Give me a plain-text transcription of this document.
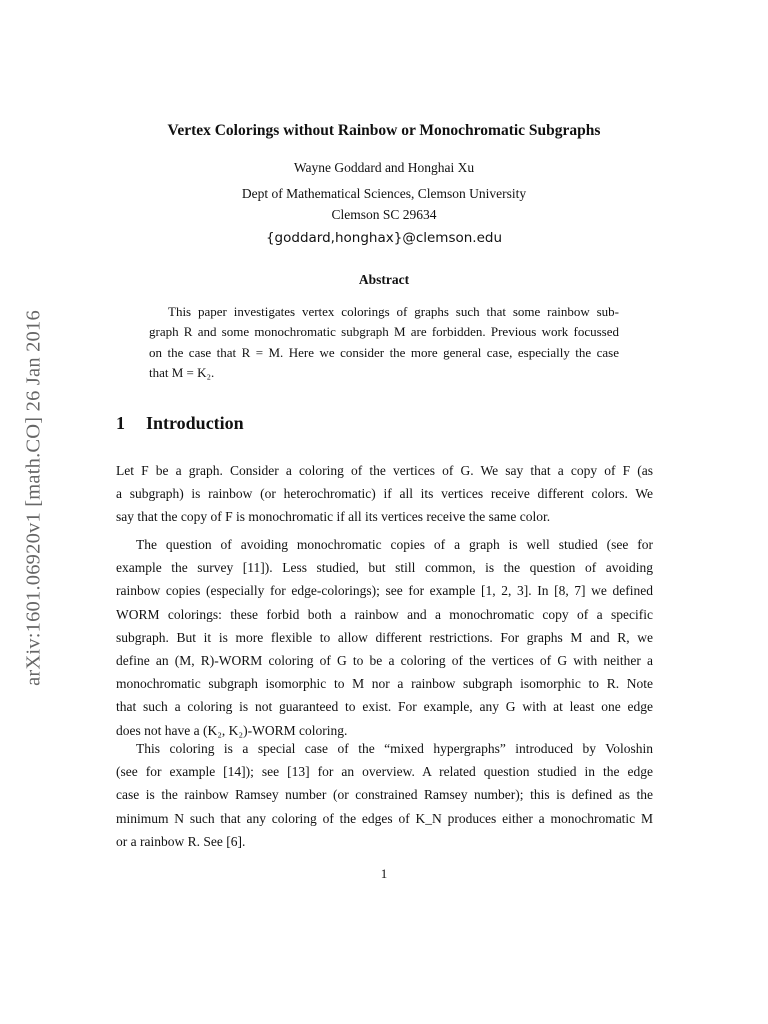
arXiv:1601.06920v1 [math.CO] 26 Jan 2016
Vertex Colorings without Rainbow or Monochromatic Subgraphs
Wayne Goddard and Honghai Xu
Dept of Mathematical Sciences, Clemson University
Clemson SC 29634
{goddard,honghax}@clemson.edu
Abstract
This paper investigates vertex colorings of graphs such that some rainbow sub-
graph R and some monochromatic subgraph M are forbidden. Previous work focussed
on the case that R = M. Here we consider the more general case, especially the case
that M = K₂.
1 Introduction
Let F be a graph. Consider a coloring of the vertices of G. We say that a copy of F (as
a subgraph) is rainbow (or heterochromatic) if all its vertices receive different colors. We
say that the copy of F is monochromatic if all its vertices receive the same color.
The question of avoiding monochromatic copies of a graph is well studied (see for
example the survey [11]). Less studied, but still common, is the question of avoiding
rainbow copies (especially for edge-colorings); see for example [1, 2, 3]. In [8, 7] we defined
WORM colorings: these forbid both a rainbow and a monochromatic copy of a specific
subgraph. But it is more flexible to allow different restrictions. For graphs M and R, we
define an (M, R)-WORM coloring of G to be a coloring of the vertices of G with neither a
monochromatic subgraph isomorphic to M nor a rainbow subgraph isomorphic to R. Note
that such a coloring is not guaranteed to exist. For example, any G with at least one edge
does not have a (K₂, K₂)-WORM coloring.
This coloring is a special case of the “mixed hypergraphs” introduced by Voloshin
(see for example [14]); see [13] for an overview. A related question studied in the edge
case is the rainbow Ramsey number (or constrained Ramsey number); this is defined as the
minimum N such that any coloring of the edges of K_N produces either a monochromatic M
or a rainbow R. See [6].
1
